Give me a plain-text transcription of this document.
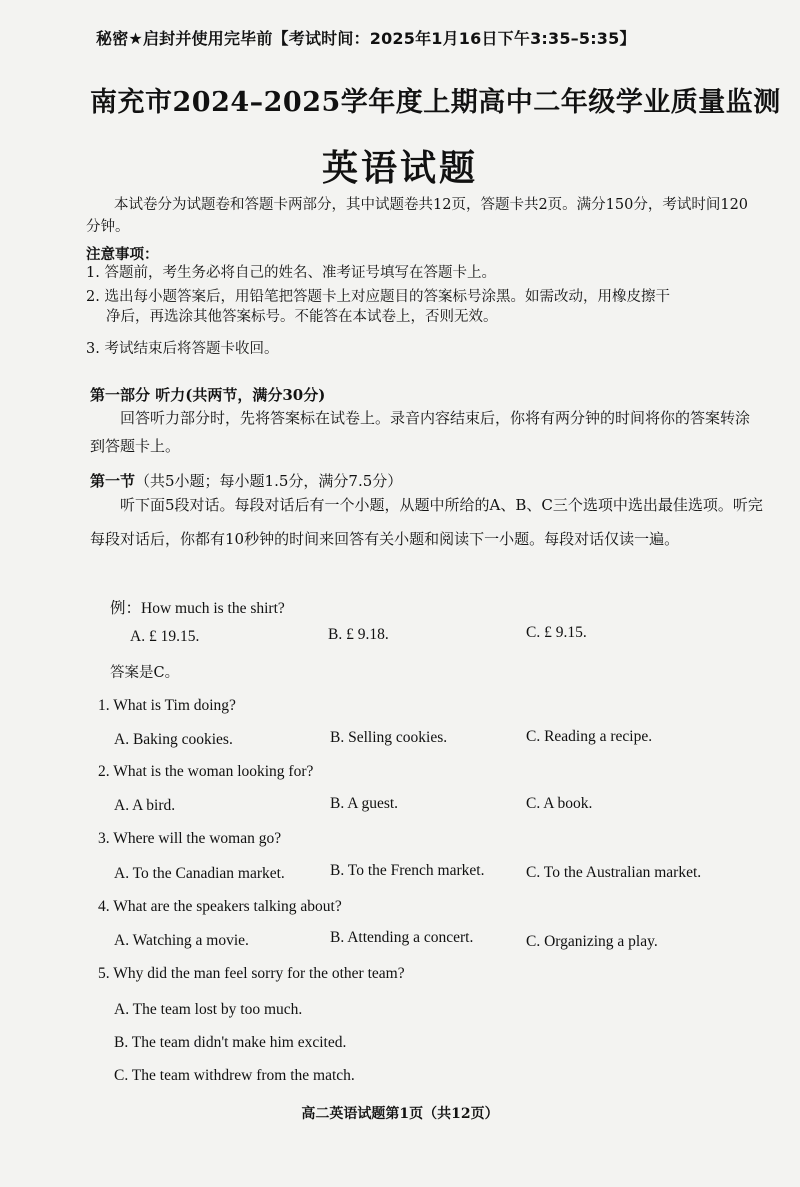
秘密★启封并使用完毕前【考试时间：2025年1月16日下午3:35–5:35】
南充市2024–2025学年度上期高中二年级学业质量监测
英语试题
本试卷分为试题卷和答题卡两部分，其中试题卷共12页，答题卡共2页。满分150分，考试时间120分钟。
注意事项：
1. 答题前，考生务必将自己的姓名、准考证号填写在答题卡上。
2. 选出每小题答案后，用铅笔把答题卡上对应题目的答案标号涂黑。如需改动，用橡皮擦干
净后，再选涂其他答案标号。不能答在本试卷上，否则无效。
3. 考试结束后将答题卡收回。
第一部分 听力(共两节，满分30分)
回答听力部分时，先将答案标在试卷上。录音内容结束后，你将有两分钟的时间将你的答案转涂到答题卡上。
第一节（共5小题；每小题1.5分，满分7.5分）
听下面5段对话。每段对话后有一个小题，从题中所给的A、B、C三个选项中选出最佳选项。听完每段对话后，你都有10秒钟的时间来回答有关小题和阅读下一小题。每段对话仅读一遍。
例：How much is the shirt?
A. £ 19.15.	B. £ 9.18.	C. £ 9.15.
答案是C。
1. What is Tim doing?
A. Baking cookies.	B. Selling cookies.	C. Reading a recipe.
2. What is the woman looking for?
A. A bird.	B. A guest.	C. A book.
3. Where will the woman go?
A. To the Canadian market.	B. To the French market.	C. To the Australian market.
4. What are the speakers talking about?
A. Watching a movie.	B. Attending a concert.	C. Organizing a play.
5. Why did the man feel sorry for the other team?
A. The team lost by too much.
B. The team didn't make him excited.
C. The team withdrew from the match.
高二英语试题第1页（共12页）
